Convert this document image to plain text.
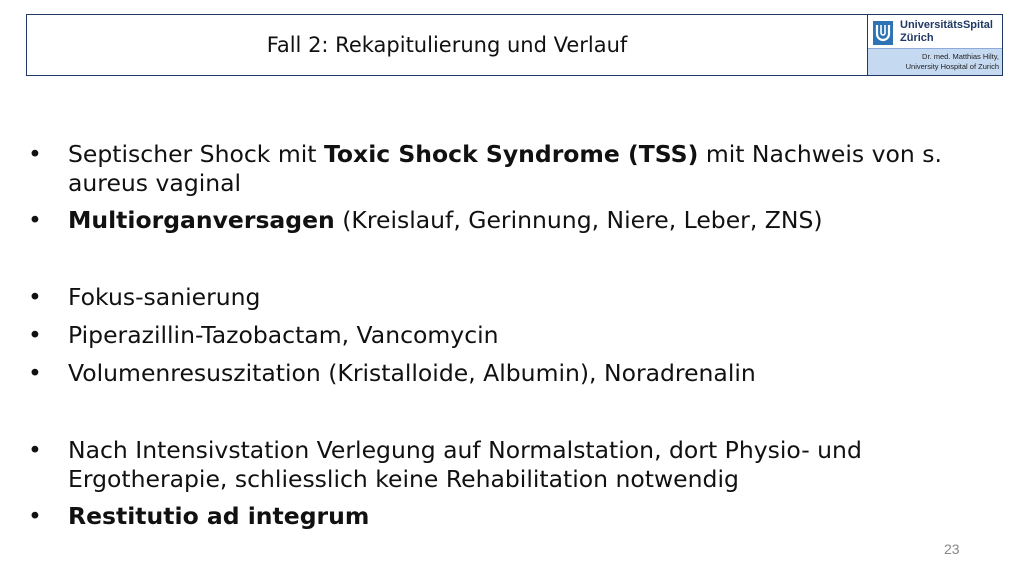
Fall 2: Rekapitulierung und Verlauf
UniversitätsSpital
Zürich
Dr. med. Matthias Hilty,
University Hospital of Zurich
• Septischer Shock mit Toxic Shock Syndrome (TSS) mit Nachweis von s. aureus vaginal
• Multiorganversagen (Kreislauf, Gerinnung, Niere, Leber, ZNS)
• Fokus-sanierung
• Piperazillin-Tazobactam, Vancomycin
• Volumenresuszitation (Kristalloide, Albumin), Noradrenalin
• Nach Intensivstation Verlegung auf Normalstation, dort Physio- und Ergotherapie, schliesslich keine Rehabilitation notwendig
• Restitutio ad integrum
23
